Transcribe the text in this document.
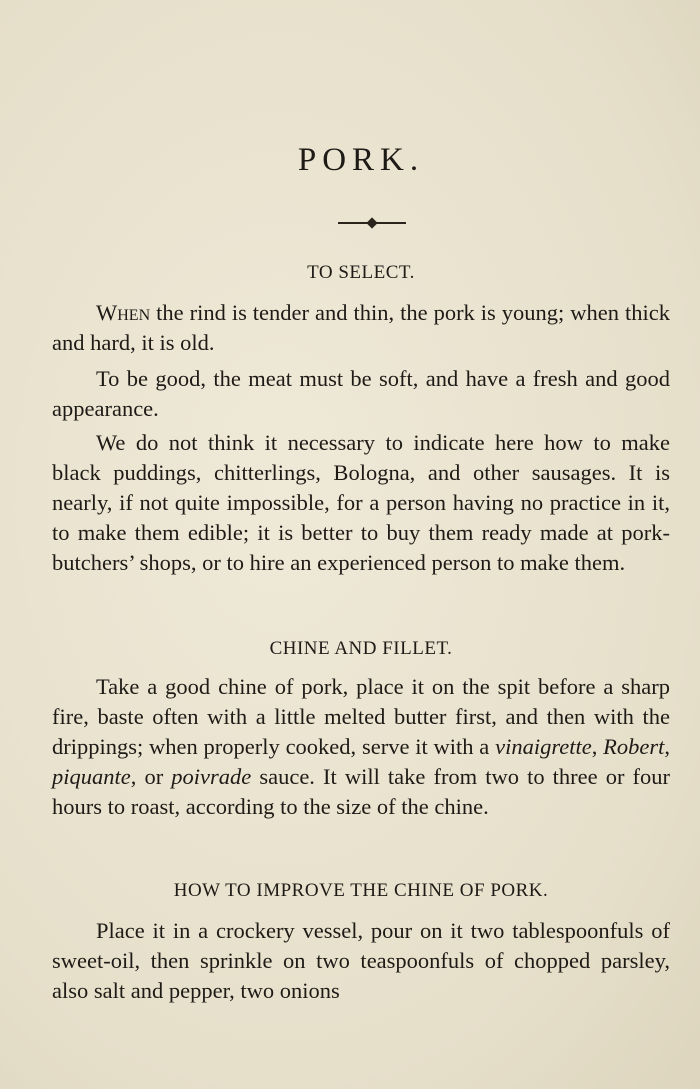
PORK.
TO SELECT.

When the rind is tender and thin, the pork is young; when thick and hard, it is old.

To be good, the meat must be soft, and have a fresh and good appearance.

We do not think it necessary to indicate here how to make black puddings, chitterlings, Bologna, and other sausages. It is nearly, if not quite impossible, for a person having no practice in it, to make them edible; it is better to buy them ready made at pork-butchers’ shops, or to hire an experienced person to make them.

CHINE AND FILLET.

Take a good chine of pork, place it on the spit before a sharp fire, baste often with a little melted butter first, and then with the drippings; when properly cooked, serve it with a vinaigrette, Robert, piquante, or poivrade sauce. It will take from two to three or four hours to roast, according to the size of the chine.

HOW TO IMPROVE THE CHINE OF PORK.

Place it in a crockery vessel, pour on it two tablespoonfuls of sweet-oil, then sprinkle on two teaspoonfuls of chopped parsley, also salt and pepper, two onions
